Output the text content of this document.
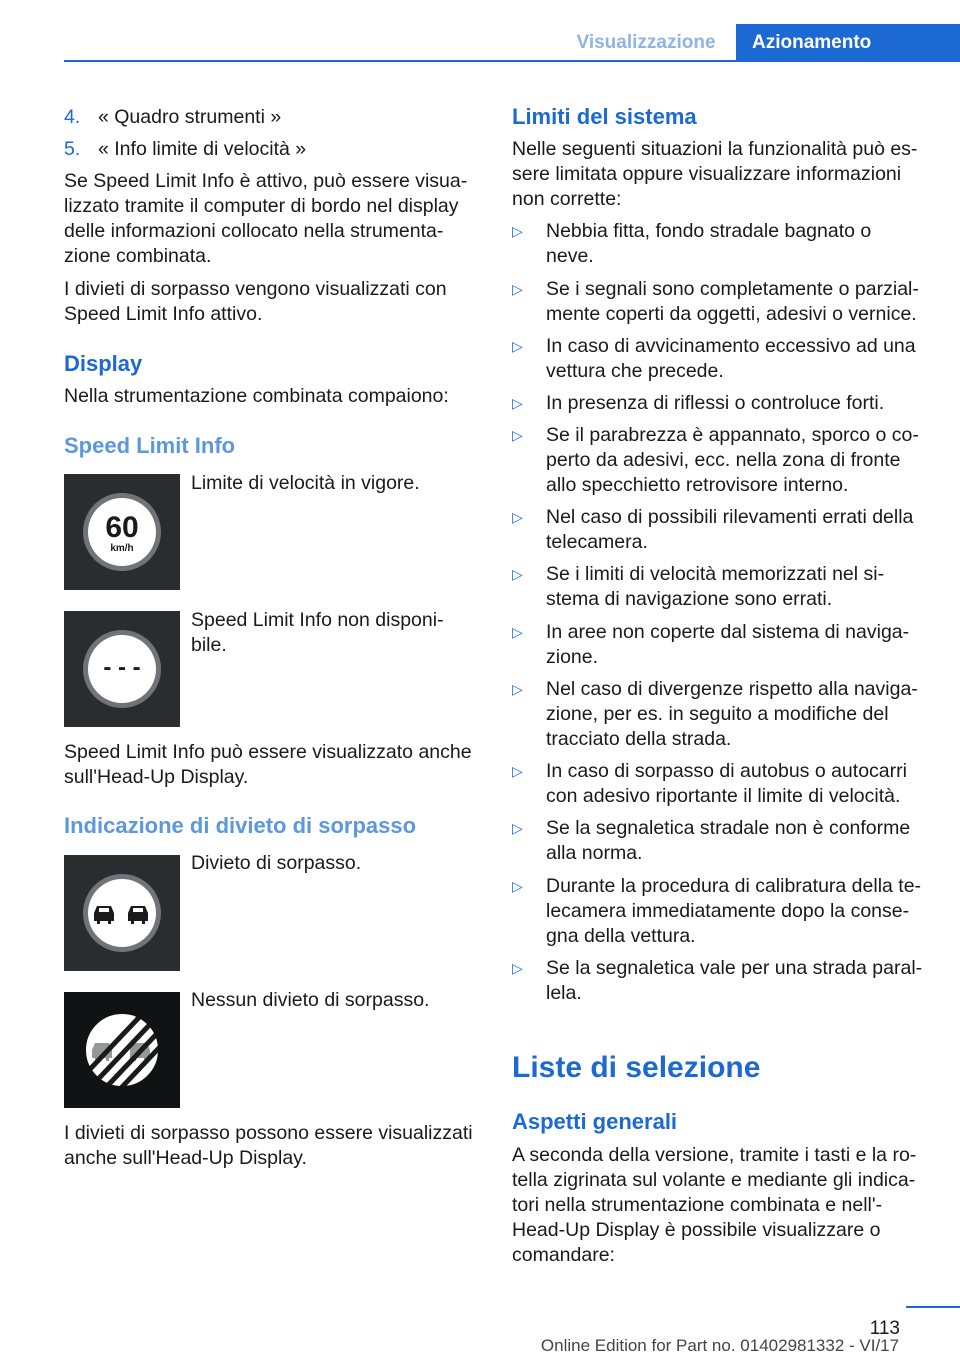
Visualizzazione	Azionamento
4. « Quadro strumenti »
5. « Info limite di velocità »
Se Speed Limit Info è attivo, può essere visua-
lizzato tramite il computer di bordo nel display
delle informazioni collocato nella strumenta-
zione combinata.
I divieti di sorpasso vengono visualizzati con
Speed Limit Info attivo.
Display
Nella strumentazione combinata compaiono:
Speed Limit Info
60
km/h
Limite di velocità in vigore.
- - -
Speed Limit Info non disponi-
bile.
Speed Limit Info può essere visualizzato anche
sull'Head-Up Display.
Indicazione di divieto di sorpasso
Divieto di sorpasso.
Nessun divieto di sorpasso.
I divieti di sorpasso possono essere visualizzati
anche sull'Head-Up Display.
Limiti del sistema
Nelle seguenti situazioni la funzionalità può es-
sere limitata oppure visualizzare informazioni
non corrette:
▷ Nebbia fitta, fondo stradale bagnato o
neve.
▷ Se i segnali sono completamente o parzial-
mente coperti da oggetti, adesivi o vernice.
▷ In caso di avvicinamento eccessivo ad una
vettura che precede.
▷ In presenza di riflessi o controluce forti.
▷ Se il parabrezza è appannato, sporco o co-
perto da adesivi, ecc. nella zona di fronte
allo specchietto retrovisore interno.
▷ Nel caso di possibili rilevamenti errati della
telecamera.
▷ Se i limiti di velocità memorizzati nel si-
stema di navigazione sono errati.
▷ In aree non coperte dal sistema di naviga-
zione.
▷ Nel caso di divergenze rispetto alla naviga-
zione, per es. in seguito a modifiche del
tracciato della strada.
▷ In caso di sorpasso di autobus o autocarri
con adesivo riportante il limite di velocità.
▷ Se la segnaletica stradale non è conforme
alla norma.
▷ Durante la procedura di calibratura della te-
lecamera immediatamente dopo la conse-
gna della vettura.
▷ Se la segnaletica vale per una strada paral-
lela.
Liste di selezione
Aspetti generali
A seconda della versione, tramite i tasti e la ro-
tella zigrinata sul volante e mediante gli indica-
tori nella strumentazione combinata e nell'-
Head-Up Display è possibile visualizzare o
comandare:
113
Online Edition for Part no. 01402981332 - VI/17
